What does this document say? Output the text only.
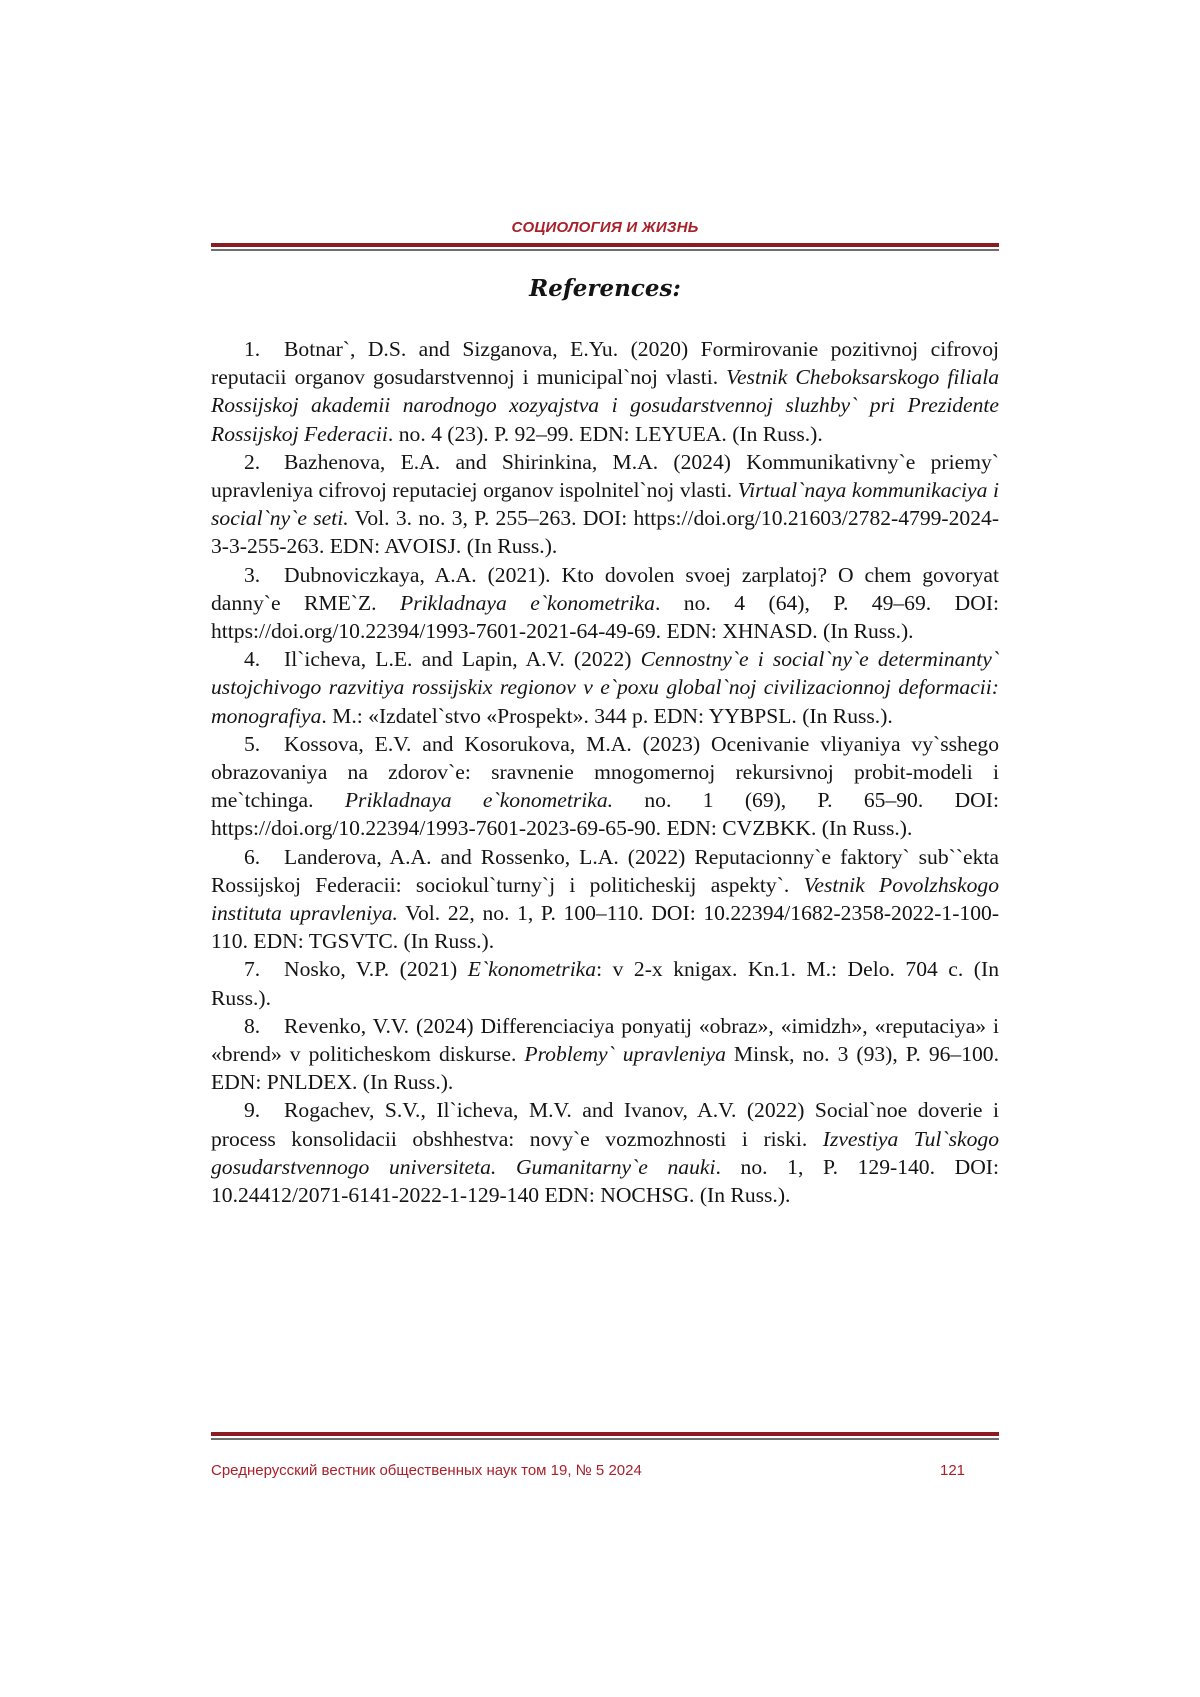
СОЦИОЛОГИЯ И ЖИЗНЬ
References:

1. Botnar`, D.S. and Sizganova, E.Yu. (2020) Formirovanie pozitivnoj cifrovoj reputacii organov gosudarstvennoj i municipal`noj vlasti. Vestnik Cheboksarskogo filiala Rossijskoj akademii narodnogo xozyajstva i gosudarstvennoj sluzhby` pri Prezidente Rossijskoj Federacii. no. 4 (23). P. 92–99. EDN: LEYUEA. (In Russ.).

2. Bazhenova, E.A. and Shirinkina, M.A. (2024) Kommunikativny`e priemy` upravleniya cifrovoj reputaciej organov ispolnitel`noj vlasti. Virtual`naya kommunikaciya i social`ny`e seti. Vol. 3. no. 3, P. 255–263. DOI: https://doi.org/10.21603/2782-4799-2024-3-3-255-263. EDN: AVOISJ. (In Russ.).

3. Dubnoviczkaya, A.A. (2021). Kto dovolen svoej zarplatoj? O chem govoryat danny`e RME`Z. Prikladnaya e`konometrika. no. 4 (64), P. 49–69. DOI: https://doi.org/10.22394/1993-7601-2021-64-49-69. EDN: XHNASD. (In Russ.).

4. Il`icheva, L.E. and Lapin, A.V. (2022) Cennostny`e i social`ny`e determinanty` ustojchivogo razvitiya rossijskix regionov v e`poxu global`noj civilizacionnoj deformacii: monografiya. M.: «Izdatel`stvo «Prospekt». 344 p. EDN: YYBPSL. (In Russ.).

5. Kossova, E.V. and Kosorukova, M.A. (2023) Ocenivanie vliyaniya vy`sshego obrazovaniya na zdorov`e: sravnenie mnogomernoj rekursivnoj probit-modeli i me`tchinga. Prikladnaya e`konometrika. no. 1 (69), P. 65–90. DOI: https://doi.org/10.22394/1993-7601-2023-69-65-90. EDN: CVZBKK. (In Russ.).

6. Landerova, A.A. and Rossenko, L.A. (2022) Reputacionny`e faktory` sub``ekta Rossijskoj Federacii: sociokul`turny`j i politicheskij aspekty`. Vestnik Povolzhskogo instituta upravleniya. Vol. 22, no. 1, P. 100–110. DOI: 10.22394/1682-2358-2022-1-100-110. EDN: TGSVTC. (In Russ.).

7. Nosko, V.P. (2021) E`konometrika: v 2-x knigax. Kn.1. M.: Delo. 704 с. (In Russ.).

8. Revenko, V.V. (2024) Differenciaciya ponyatij «obraz», «imidzh», «reputaciya» i «brend» v politicheskom diskurse. Problemy` upravleniya Minsk, no. 3 (93), P. 96–100. EDN: PNLDEX. (In Russ.).

9. Rogachev, S.V., Il`icheva, M.V. and Ivanov, A.V. (2022) Social`noe doverie i process konsolidacii obshhestva: novy`e vozmozhnosti i riski. Izvestiya Tul`skogo gosudarstvennogo universiteta. Gumanitarny`e nauki. no. 1, P. 129-140. DOI: 10.24412/2071-6141-2022-1-129-140 EDN: NOCHSG. (In Russ.).

Среднерусский вестник общественных наук том 19, № 5 2024	121
